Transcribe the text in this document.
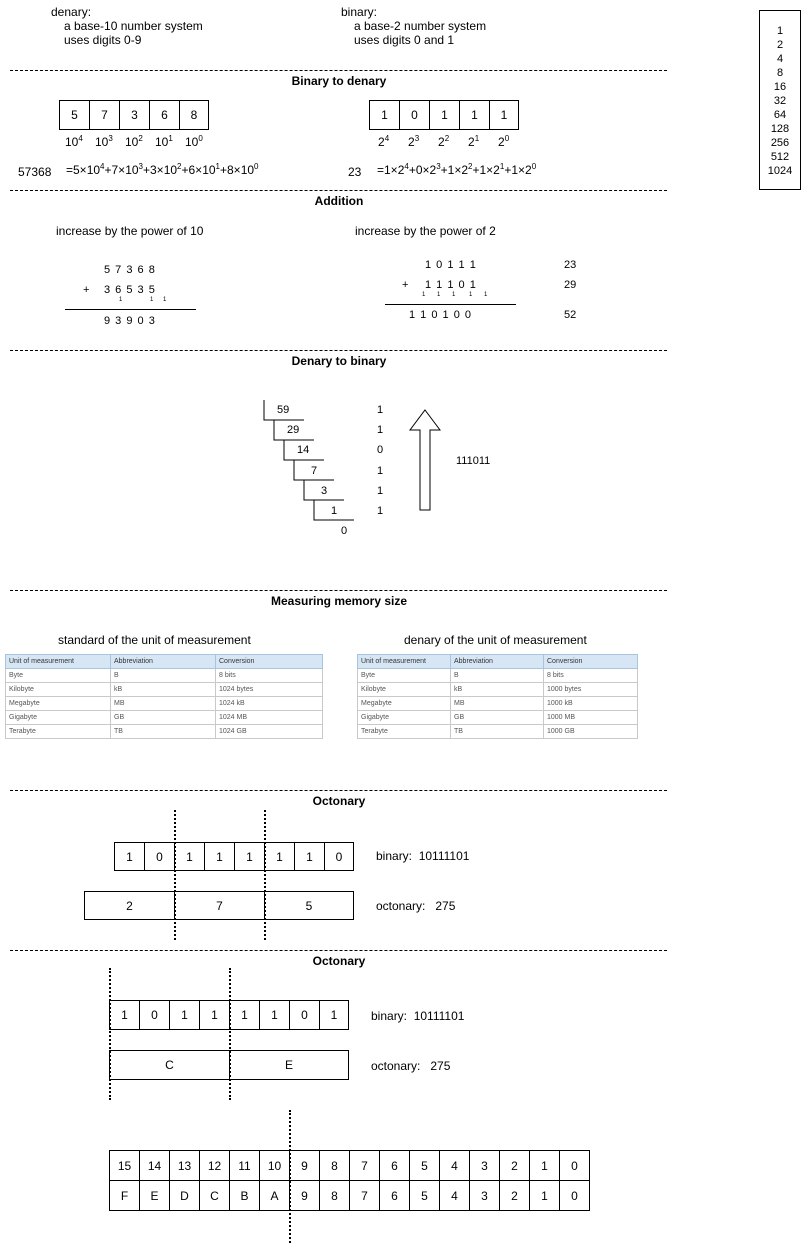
denary:
a base-10 number system
uses digits 0-9
binary:
a base-2 number system
uses digits 0 and 1
1
2
4
8
16
32
64
128
256
512
1024
Binary to denary
5	7	3	6	8
$10^4$ $10^3$ $10^2$ $10^1$ $10^0$
$57368 =5\times 10^4+7\times 10^3+3\times 10^2+6\times 10^1+8\times 10^0$
1	0	1	1	1
$2^4$ $2^3$ $2^2$ $2^1$ $2^0$
$23 =1\times 2^4+0\times 2^3+1\times 2^2+1\times 2^1+1\times 2^0$
Addition
increase by the power of 10	increase by the power of 2
5 7 3 6 8
+ 3 6 5 3 5
1	1 1
9 3 9 0 3
1 0 1 1 1
+ 1 1 1 0 1
1 1 1 1 1
1 1 0 1 0 0
23
29
52
Denary to binary
59
29
14
7
3
1
0
1
1
0
1
1
1
111011
Measuring memory size
standard of the unit of measurement	denary of the unit of measurement
Unit of measurement	Abbreviation	Conversion
Byte	B	8 bits
Kilobyte	kB	1024 bytes
Megabyte	MB	1024 kB
Gigabyte	GB	1024 MB
Terabyte	TB	1024 GB
Unit of measurement	Abbreviation	Conversion
Byte	B	8 bits
Kilobyte	kB	1000 bytes
Megabyte	MB	1000 kB
Gigabyte	GB	1000 MB
Terabyte	TB	1000 GB
Octonary
1	0	1	1	1	1	1	0
2	7	5
binary: 10111101
octonary: 275
Octonary
1	0	1	1	1	1	0	1
C	E
binary: 10111101
octonary: 275
15	14	13	12	11	10	9	8	7	6	5	4	3	2	1	0
F	E	D	C	B	A	9	8	7	6	5	4	3	2	1	0
